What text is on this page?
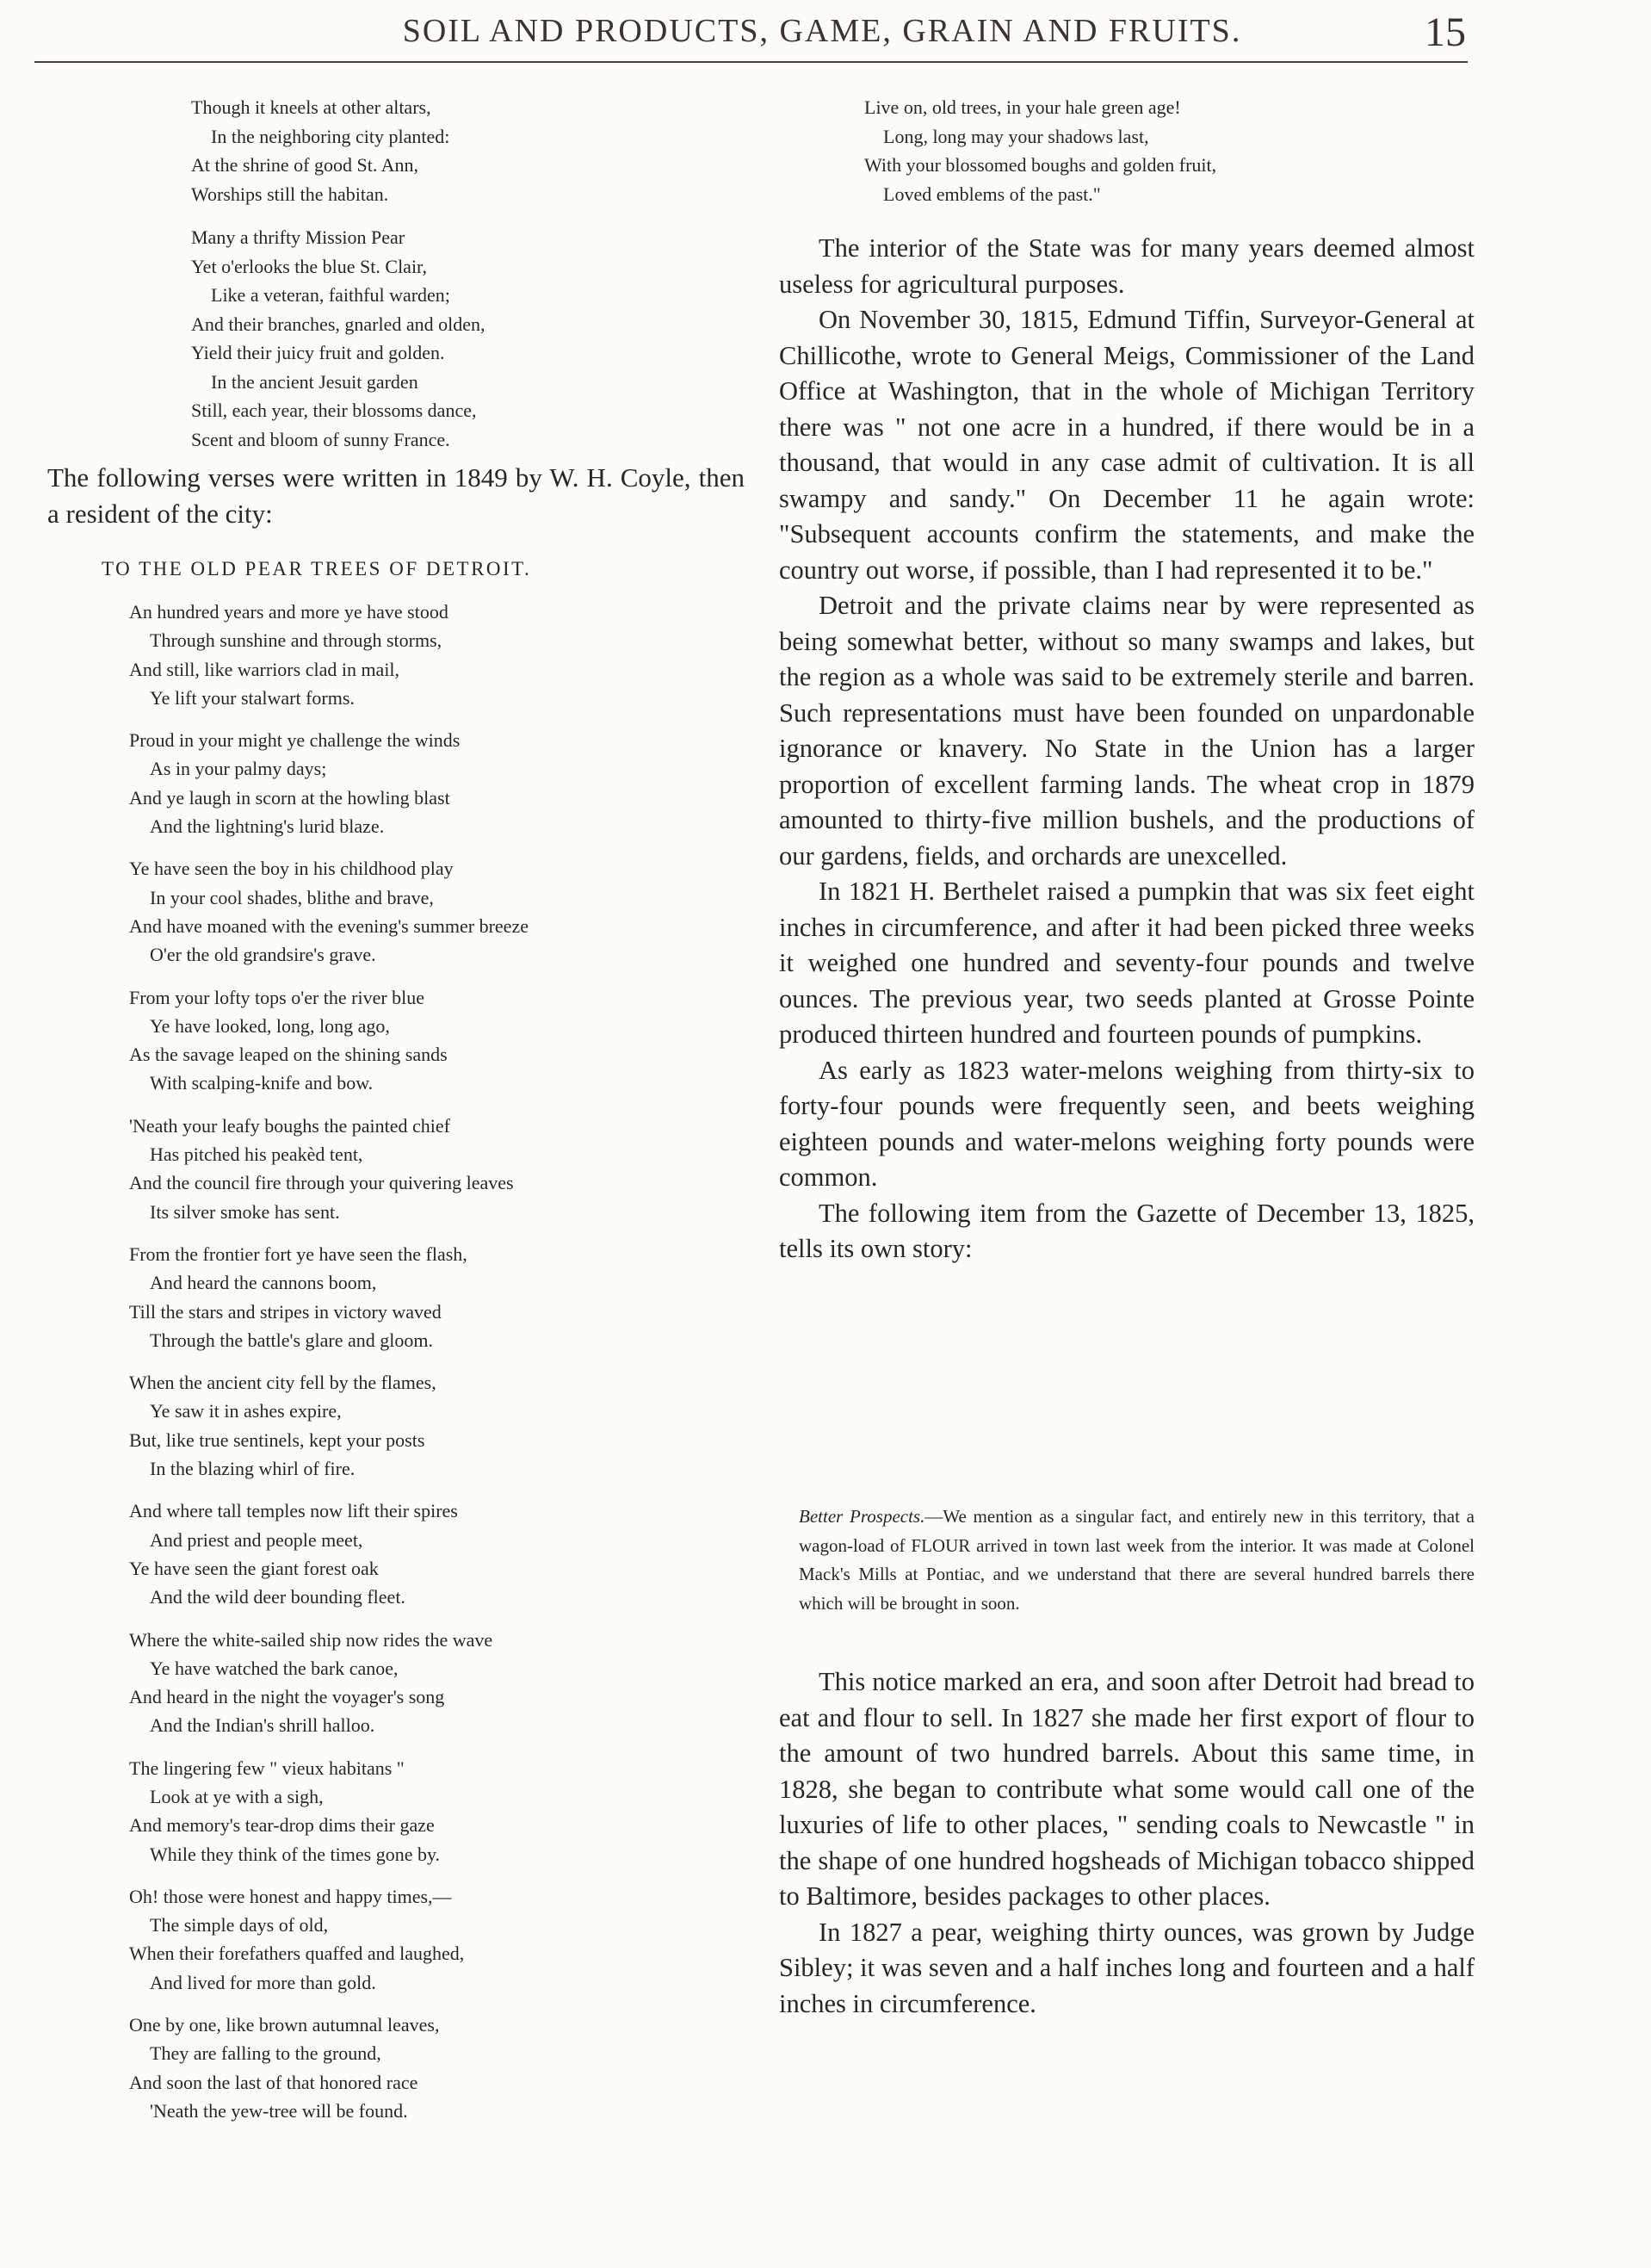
SOIL AND PRODUCTS, GAME, GRAIN AND FRUITS.	15
Though it kneels at other altars,
In the neighboring city planted:
At the shrine of good St. Ann,
Worships still the habitan.
Many a thrifty Mission Pear
Yet o'erlooks the blue St. Clair,
Like a veteran, faithful warden;
And their branches, gnarled and olden,
Yield their juicy fruit and golden.
In the ancient Jesuit garden
Still, each year, their blossoms dance,
Scent and bloom of sunny France.

The following verses were written in 1849 by W. H. Coyle, then a resident of the city:

TO THE OLD PEAR TREES OF DETROIT.
An hundred years and more ye have stood
Through sunshine and through storms,
And still, like warriors clad in mail,
Ye lift your stalwart forms.
Proud in your might ye challenge the winds
As in your palmy days;
And ye laugh in scorn at the howling blast
And the lightning's lurid blaze.
Ye have seen the boy in his childhood play
In your cool shades, blithe and brave,
And have moaned with the evening's summer breeze
O'er the old grandsire's grave.
From your lofty tops o'er the river blue
Ye have looked, long, long ago,
As the savage leaped on the shining sands
With scalping-knife and bow.
'Neath your leafy boughs the painted chief
Has pitched his peakèd tent,
And the council fire through your quivering leaves
Its silver smoke has sent.
From the frontier fort ye have seen the flash,
And heard the cannons boom,
Till the stars and stripes in victory waved
Through the battle's glare and gloom.
When the ancient city fell by the flames,
Ye saw it in ashes expire,
But, like true sentinels, kept your posts
In the blazing whirl of fire.
And where tall temples now lift their spires
And priest and people meet,
Ye have seen the giant forest oak
And the wild deer bounding fleet.
Where the white-sailed ship now rides the wave
Ye have watched the bark canoe,
And heard in the night the voyager's song
And the Indian's shrill halloo.
The lingering few " vieux habitans "
Look at ye with a sigh,
And memory's tear-drop dims their gaze
While they think of the times gone by.
Oh! those were honest and happy times,—
The simple days of old,
When their forefathers quaffed and laughed,
And lived for more than gold.
One by one, like brown autumnal leaves,
They are falling to the ground,
And soon the last of that honored race
'Neath the yew-tree will be found.
Live on, old trees, in your hale green age!
Long, long may your shadows last,
With your blossomed boughs and golden fruit,
Loved emblems of the past."

The interior of the State was for many years deemed almost useless for agricultural purposes.

On November 30, 1815, Edmund Tiffin, Surveyor-General at Chillicothe, wrote to General Meigs, Commissioner of the Land Office at Washington, that in the whole of Michigan Territory there was " not one acre in a hundred, if there would be in a thousand, that would in any case admit of cultivation. It is all swampy and sandy." On December 11 he again wrote: "Subsequent accounts confirm the statements, and make the country out worse, if possible, than I had represented it to be."

Detroit and the private claims near by were represented as being somewhat better, without so many swamps and lakes, but the region as a whole was said to be extremely sterile and barren. Such representations must have been founded on unpardonable ignorance or knavery. No State in the Union has a larger proportion of excellent farming lands. The wheat crop in 1879 amounted to thirty-five million bushels, and the productions of our gardens, fields, and orchards are unexcelled.

In 1821 H. Berthelet raised a pumpkin that was six feet eight inches in circumference, and after it had been picked three weeks it weighed one hundred and seventy-four pounds and twelve ounces. The previous year, two seeds planted at Grosse Pointe produced thirteen hundred and fourteen pounds of pumpkins.

As early as 1823 water-melons weighing from thirty-six to forty-four pounds were frequently seen, and beets weighing eighteen pounds and water-melons weighing forty pounds were common.

The following item from the Gazette of December 13, 1825, tells its own story:

Better Prospects.—We mention as a singular fact, and entirely new in this territory, that a wagon-load of FLOUR arrived in town last week from the interior. It was made at Colonel Mack's Mills at Pontiac, and we understand that there are several hundred barrels there which will be brought in soon.

This notice marked an era, and soon after Detroit had bread to eat and flour to sell. In 1827 she made her first export of flour to the amount of two hundred barrels. About this same time, in 1828, she began to contribute what some would call one of the luxuries of life to other places, " sending coals to Newcastle " in the shape of one hundred hogsheads of Michigan tobacco shipped to Baltimore, besides packages to other places.

In 1827 a pear, weighing thirty ounces, was grown by Judge Sibley; it was seven and a half inches long and fourteen and a half inches in circumference.
